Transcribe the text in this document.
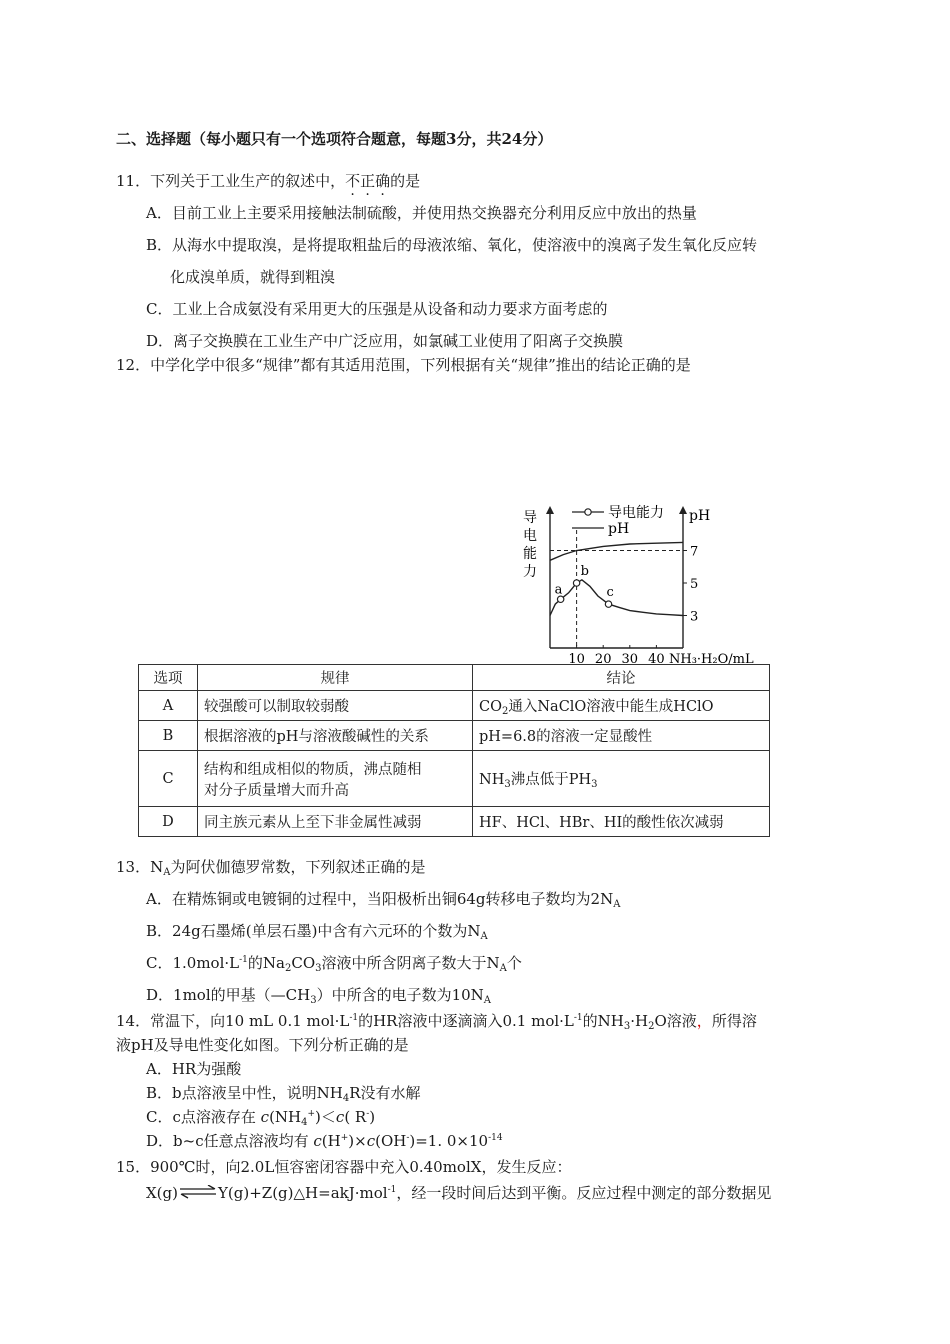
二、选择题（每小题只有一个选项符合题意，每题3分，共24分）
11．下列关于工业生产的叙述中，不正确的是
A．目前工业上主要采用接触法制硫酸，并使用热交换器充分利用反应中放出的热量
B．从海水中提取溴，是将提取粗盐后的母液浓缩、氧化，使溶液中的溴离子发生氧化反应转
化成溴单质，就得到粗溴
C．工业上合成氨没有采用更大的压强是从设备和动力要求方面考虑的
D．离子交换膜在工业生产中广泛应用，如氯碱工业使用了阳离子交换膜
12．中学化学中很多“规律”都有其适用范围，下列根据有关“规律”推出的结论正确的是
导
电
能
力
pH
3
5
7
10 20 30 40 NH₃·H₂O/mL
导电能力
pH
a
b
c
选项	规律	结论
A	较强酸可以制取较弱酸	$CO_2$通入NaClO溶液中能生成HClO
B	根据溶液的pH与溶液酸碱性的关系	pH=6.8的溶液一定显酸性
C	结构和组成相似的物质，沸点随相
对分子质量增大而升高	$NH_3$沸点低于$PH_3$
D	同主族元素从上至下非金属性减弱	HF、HCl、HBr、HI的酸性依次减弱
13．$N_A$为阿伏伽德罗常数，下列叙述正确的是
A．在精炼铜或电镀铜的过程中，当阳极析出铜64g转移电子数均为$2N_A$
B．24g石墨烯(单层石墨)中含有六元环的个数为$N_A$
C．$1.0mol\cdot L^{-1}$的$Na_2CO_3$溶液中所含阴离子数大于$N_A$个
D．1mol的甲基$(—CH_3)$中所含的电子数为$10N_A$
14．常温下，向10 mL 0.1 $mol\cdot L^{-1}$的HR溶液中逐滴滴入0.1 $mol\cdot L^{-1}$的$NH_3\cdot H_2O$溶液，所得溶
液pH及导电性变化如图。下列分析正确的是
A．HR为强酸
B．b点溶液呈中性，说明$NH_4R$没有水解
C．c点溶液存在 $c(NH_4^+)<c$( R-)
D．b~c任意点溶液均有 c(H+)×c(OH-)=1. $0\times 10^{-14}$
15．900℃时，向2.0L恒容密闭容器中充入0.40molX，发生反应：
X(g)⇌Y(g)+Z(g)△H=akJ·mol$^{-1}$，经一段时间后达到平衡。反应过程中测定的部分数据见
